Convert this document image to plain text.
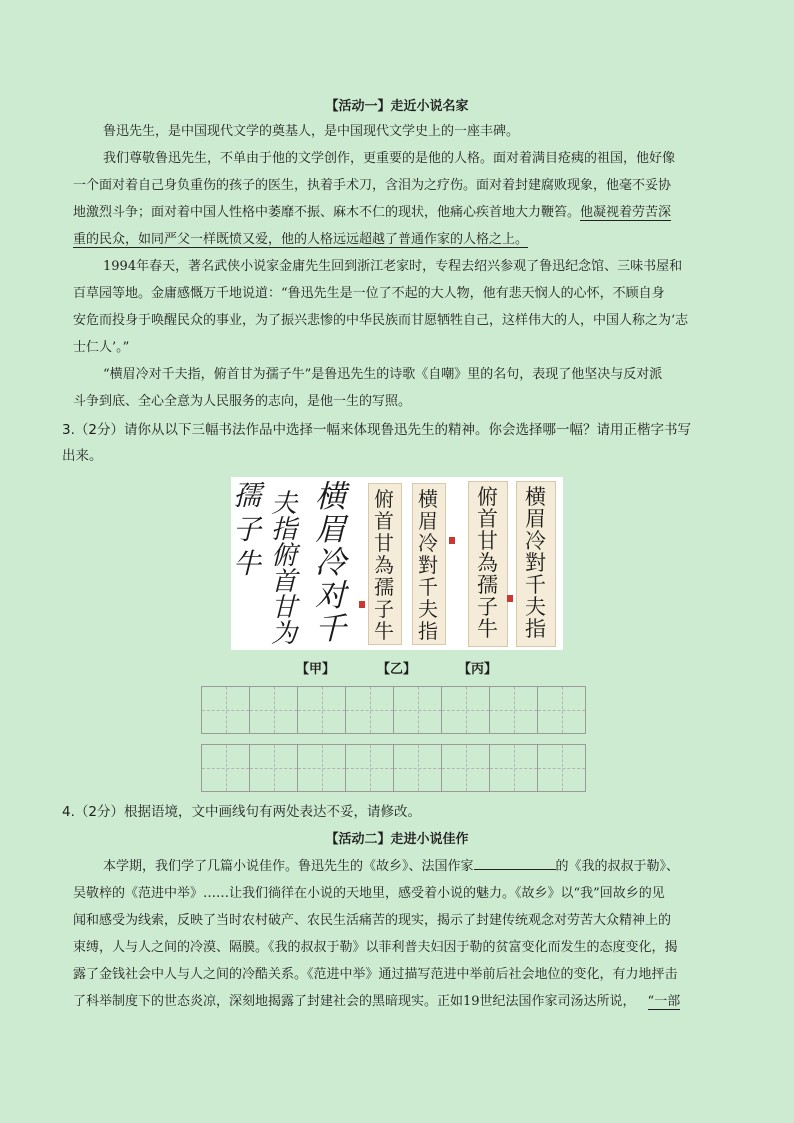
【活动一】走近小说名家
鲁迅先生，是中国现代文学的奠基人，是中国现代文学史上的一座丰碑。
我们尊敬鲁迅先生，不单由于他的文学创作，更重要的是他的人格。面对着满目疮痍的祖国，他好像
一个面对着自己身负重伤的孩子的医生，执着手术刀，含泪为之疗伤。面对着封建腐败现象，他毫不妥协
地激烈斗争；面对着中国人性格中萎靡不振、麻木不仁的现状，他痛心疾首地大力鞭笞。他凝视着劳苦深
重的民众，如同严父一样既愤又爱，他的人格远远超越了普通作家的人格之上。
1994年春天，著名武侠小说家金庸先生回到浙江老家时，专程去绍兴参观了鲁迅纪念馆、三味书屋和
百草园等地。金庸感慨万千地说道：“鲁迅先生是一位了不起的大人物，他有悲天悯人的心怀，不顾自身
安危而投身于唤醒民众的事业，为了振兴悲惨的中华民族而甘愿牺牲自己，这样伟大的人，中国人称之为‘志
士仁人’。”
“横眉冷对千夫指，俯首甘为孺子牛”是鲁迅先生的诗歌《自嘲》里的名句，表现了他坚决与反对派
斗争到底、全心全意为人民服务的志向，是他一生的写照。
3.（2分）请你从以下三幅书法作品中选择一幅来体现鲁迅先生的精神。你会选择哪一幅？请用正楷字书写
出来。
横眉冷对千
夫指俯首甘为
孺子牛
俯首甘為孺子牛
横眉冷對千夫指
俯首甘為孺子牛
横眉冷對千夫指
【甲】	【乙】	【丙】
4.（2分）根据语境，文中画线句有两处表达不妥，请修改。
【活动二】走进小说佳作
本学期，我们学了几篇小说佳作。鲁迅先生的《故乡》、法国作家	的《我的叔叔于勒》、
吴敬梓的《范进中举》……让我们徜徉在小说的天地里，感受着小说的魅力。《故乡》以“我”回故乡的见
闻和感受为线索，反映了当时农村破产、农民生活痛苦的现实，揭示了封建传统观念对劳苦大众精神上的
束缚，人与人之间的冷漠、隔膜。《我的叔叔于勒》以菲利普夫妇因于勒的贫富变化而发生的态度变化，揭
露了金钱社会中人与人之间的冷酷关系。《范进中举》通过描写范进中举前后社会地位的变化，有力地抨击
了科举制度下的世态炎凉，深刻地揭露了封建社会的黑暗现实。正如19世纪法国作家司汤达所说， “一部
